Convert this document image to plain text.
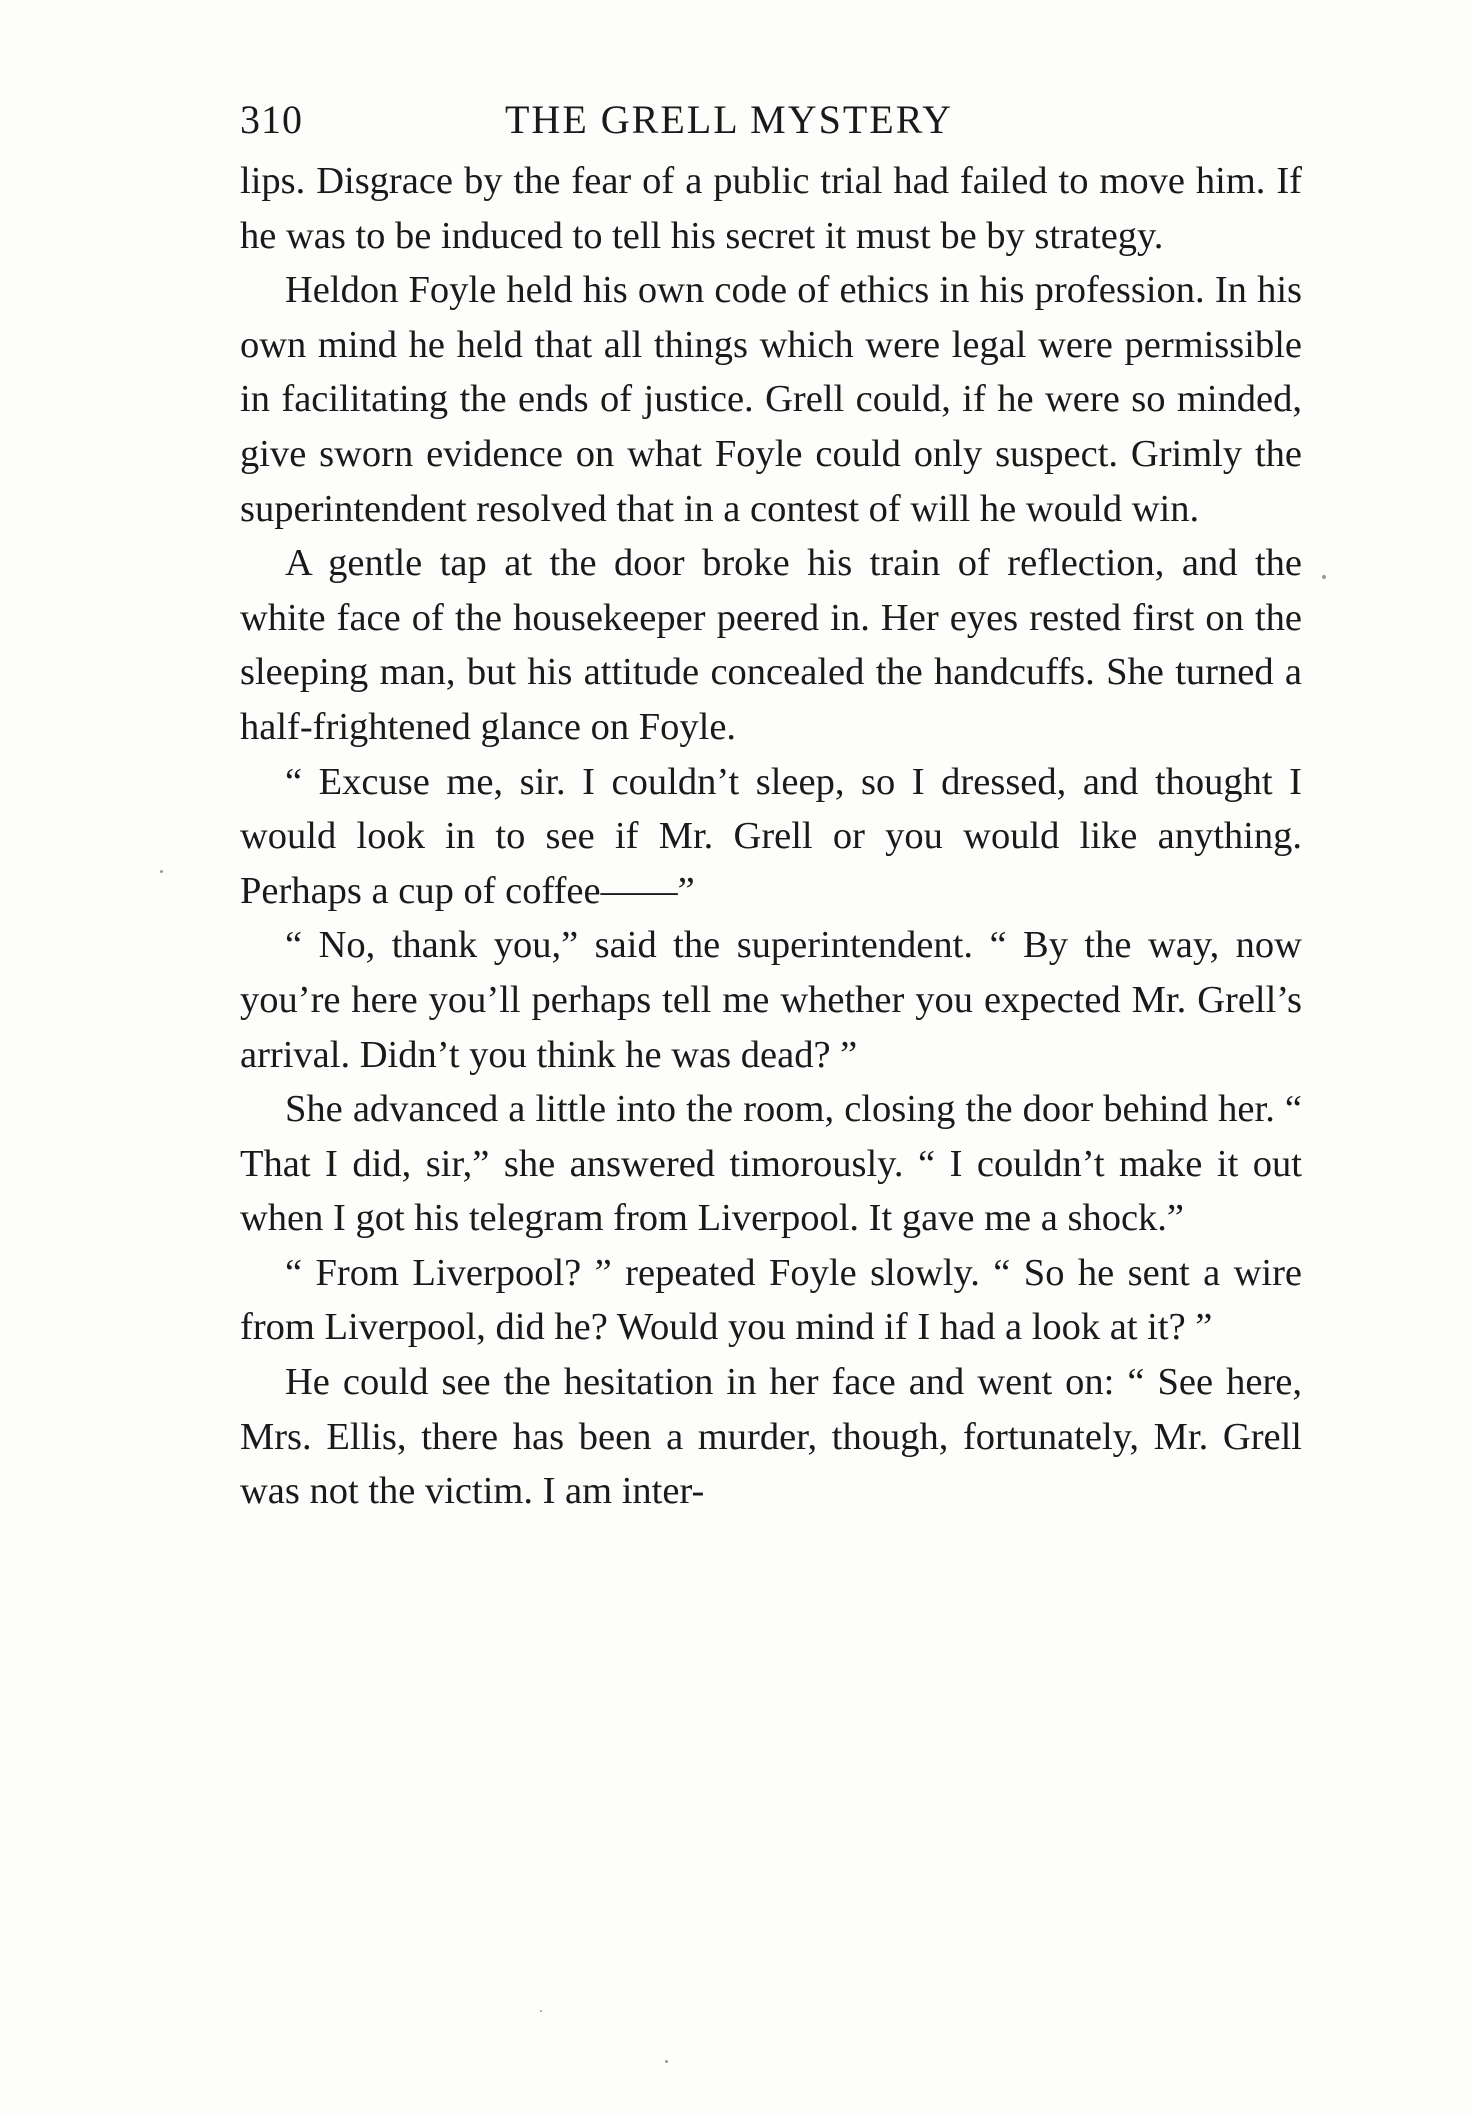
310	THE GRELL MYSTERY

lips. Disgrace by the fear of a public trial had failed to move him. If he was to be induced to tell his secret it must be by strategy.

Heldon Foyle held his own code of ethics in his profession. In his own mind he held that all things which were legal were permissible in facilitating the ends of justice. Grell could, if he were so minded, give sworn evidence on what Foyle could only suspect. Grimly the superintendent resolved that in a contest of will he would win.

A gentle tap at the door broke his train of reflection, and the white face of the housekeeper peered in. Her eyes rested first on the sleeping man, but his attitude concealed the handcuffs. She turned a half-frightened glance on Foyle.

“ Excuse me, sir. I couldn’t sleep, so I dressed, and thought I would look in to see if Mr. Grell or you would like anything. Perhaps a cup of coffee——”

“ No, thank you,” said the superintendent. “ By the way, now you’re here you’ll perhaps tell me whether you expected Mr. Grell’s arrival. Didn’t you think he was dead? ”

She advanced a little into the room, closing the door behind her. “ That I did, sir,” she answered timorously. “ I couldn’t make it out when I got his telegram from Liverpool. It gave me a shock.”

“ From Liverpool? ” repeated Foyle slowly. “ So he sent a wire from Liverpool, did he? Would you mind if I had a look at it? ”

He could see the hesitation in her face and went on: “ See here, Mrs. Ellis, there has been a murder, though, fortunately, Mr. Grell was not the victim. I am inter-
